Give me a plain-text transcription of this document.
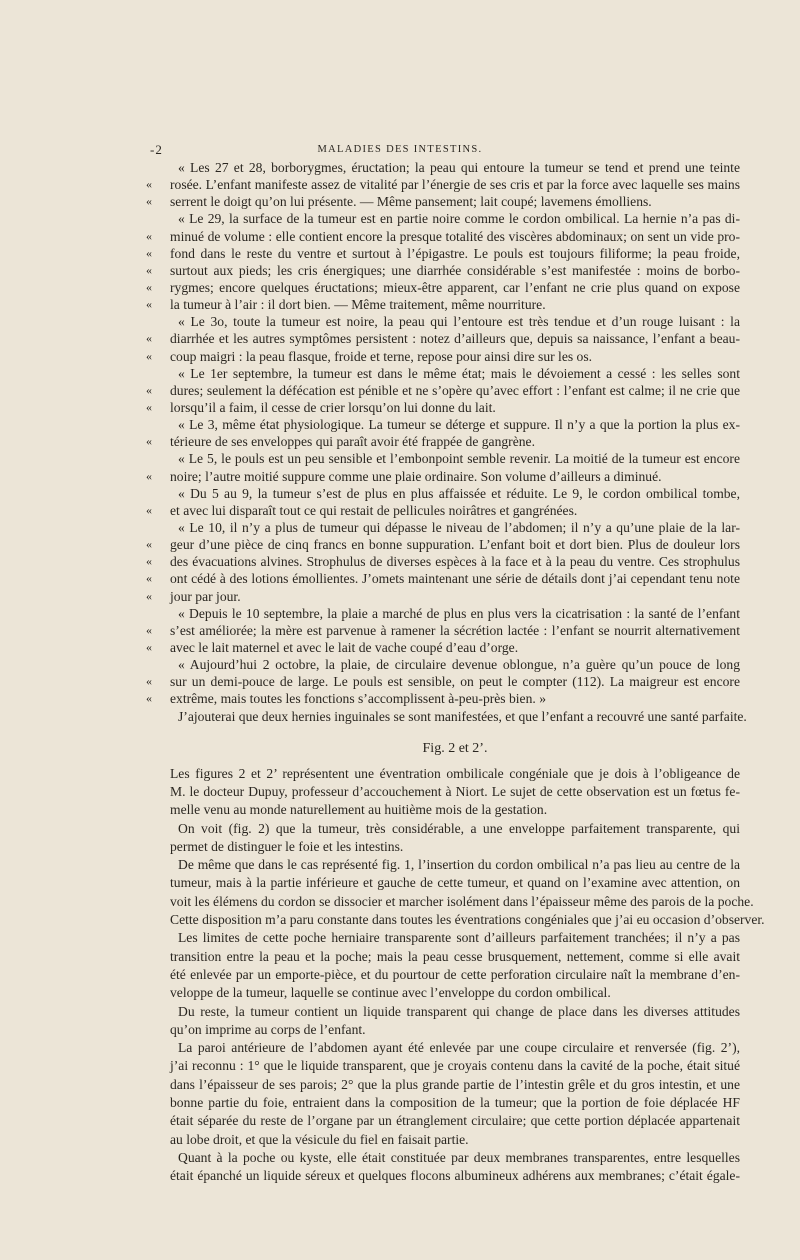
-2	MALADIES DES INTESTINS.
« Les 27 et 28, borborygmes, éructation; la peau qui entoure la tumeur se tend et prend une teinte
rosée. L’enfant manifeste assez de vitalité par l’énergie de ses cris et par la force avec laquelle ses mains
«
serrent le doigt qu’on lui présente. — Même pansement; lait coupé; lavemens émolliens.
«
« Le 29, la surface de la tumeur est en partie noire comme le cordon ombilical. La hernie n’a pas di-
minué de volume : elle contient encore la presque totalité des viscères abdominaux; on sent un vide pro-
«
fond dans le reste du ventre et surtout à l’épigastre. Le pouls est toujours filiforme; la peau froide,
«
surtout aux pieds; les cris énergiques; une diarrhée considérable s’est manifestée : moins de borbo-
«
rygmes; encore quelques éructations; mieux-être apparent, car l’enfant ne crie plus quand on expose
«
la tumeur à l’air : il dort bien. — Même traitement, même nourriture.
«
« Le 3o, toute la tumeur est noire, la peau qui l’entoure est très tendue et d’un rouge luisant : la
diarrhée et les autres symptômes persistent : notez d’ailleurs que, depuis sa naissance, l’enfant a beau-
«
coup maigri : la peau flasque, froide et terne, repose pour ainsi dire sur les os.
«
« Le 1er septembre, la tumeur est dans le même état; mais le dévoiement a cessé : les selles sont
dures; seulement la défécation est pénible et ne s’opère qu’avec effort : l’enfant est calme; il ne crie que
«
lorsqu’il a faim, il cesse de crier lorsqu’on lui donne du lait.
«
« Le 3, même état physiologique. La tumeur se déterge et suppure. Il n’y a que la portion la plus ex-
térieure de ses enveloppes qui paraît avoir été frappée de gangrène.
«
« Le 5, le pouls est un peu sensible et l’embonpoint semble revenir. La moitié de la tumeur est encore
noire; l’autre moitié suppure comme une plaie ordinaire. Son volume d’ailleurs a diminué.
«
« Du 5 au 9, la tumeur s’est de plus en plus affaissée et réduite. Le 9, le cordon ombilical tombe,
et avec lui disparaît tout ce qui restait de pellicules noirâtres et gangrénées.
«
« Le 10, il n’y a plus de tumeur qui dépasse le niveau de l’abdomen; il n’y a qu’une plaie de la lar-
geur d’une pièce de cinq francs en bonne suppuration. L’enfant boit et dort bien. Plus de douleur lors
«
des évacuations alvines. Strophulus de diverses espèces à la face et à la peau du ventre. Ces strophulus
«
ont cédé à des lotions émollientes. J’omets maintenant une série de détails dont j’ai cependant tenu note
«
jour par jour.
«
« Depuis le 10 septembre, la plaie a marché de plus en plus vers la cicatrisation : la santé de l’enfant
s’est améliorée; la mère est parvenue à ramener la sécrétion lactée : l’enfant se nourrit alternativement
«
avec le lait maternel et avec le lait de vache coupé d’eau d’orge.
«
« Aujourd’hui 2 octobre, la plaie, de circulaire devenue oblongue, n’a guère qu’un pouce de long
sur un demi-pouce de large. Le pouls est sensible, on peut le compter (112). La maigreur est encore
«
extrême, mais toutes les fonctions s’accomplissent à-peu-près bien. »
«
J’ajouterai que deux hernies inguinales se sont manifestées, et que l’enfant a recouvré une santé parfaite.
Fig. 2 et 2’.
Les figures 2 et 2’ représentent une éventration ombilicale congéniale que je dois à l’obligeance de
M. le docteur Dupuy, professeur d’accouchement à Niort. Le sujet de cette observation est un fœtus fe-
melle venu au monde naturellement au huitième mois de la gestation.
On voit (fig. 2) que la tumeur, très considérable, a une enveloppe parfaitement transparente, qui
permet de distinguer le foie et les intestins.
De même que dans le cas représenté fig. 1, l’insertion du cordon ombilical n’a pas lieu au centre de la
tumeur, mais à la partie inférieure et gauche de cette tumeur, et quand on l’examine avec attention, on
voit les élémens du cordon se dissocier et marcher isolément dans l’épaisseur même des parois de la poche.
Cette disposition m’a paru constante dans toutes les éventrations congéniales que j’ai eu occasion d’observer.
Les limites de cette poche herniaire transparente sont d’ailleurs parfaitement tranchées; il n’y a pas
transition entre la peau et la poche; mais la peau cesse brusquement, nettement, comme si elle avait
été enlevée par un emporte-pièce, et du pourtour de cette perforation circulaire naît la membrane d’en-
veloppe de la tumeur, laquelle se continue avec l’enveloppe du cordon ombilical.
Du reste, la tumeur contient un liquide transparent qui change de place dans les diverses attitudes
qu’on imprime au corps de l’enfant.
La paroi antérieure de l’abdomen ayant été enlevée par une coupe circulaire et renversée (fig. 2’),
j’ai reconnu : 1° que le liquide transparent, que je croyais contenu dans la cavité de la poche, était situé
dans l’épaisseur de ses parois; 2° que la plus grande partie de l’intestin grêle et du gros intestin, et une
bonne partie du foie, entraient dans la composition de la tumeur; que la portion de foie déplacée HF
était séparée du reste de l’organe par un étranglement circulaire; que cette portion déplacée appartenait
au lobe droit, et que la vésicule du fiel en faisait partie.
Quant à la poche ou kyste, elle était constituée par deux membranes transparentes, entre lesquelles
était épanché un liquide séreux et quelques flocons albumineux adhérens aux membranes; c’était égale-
